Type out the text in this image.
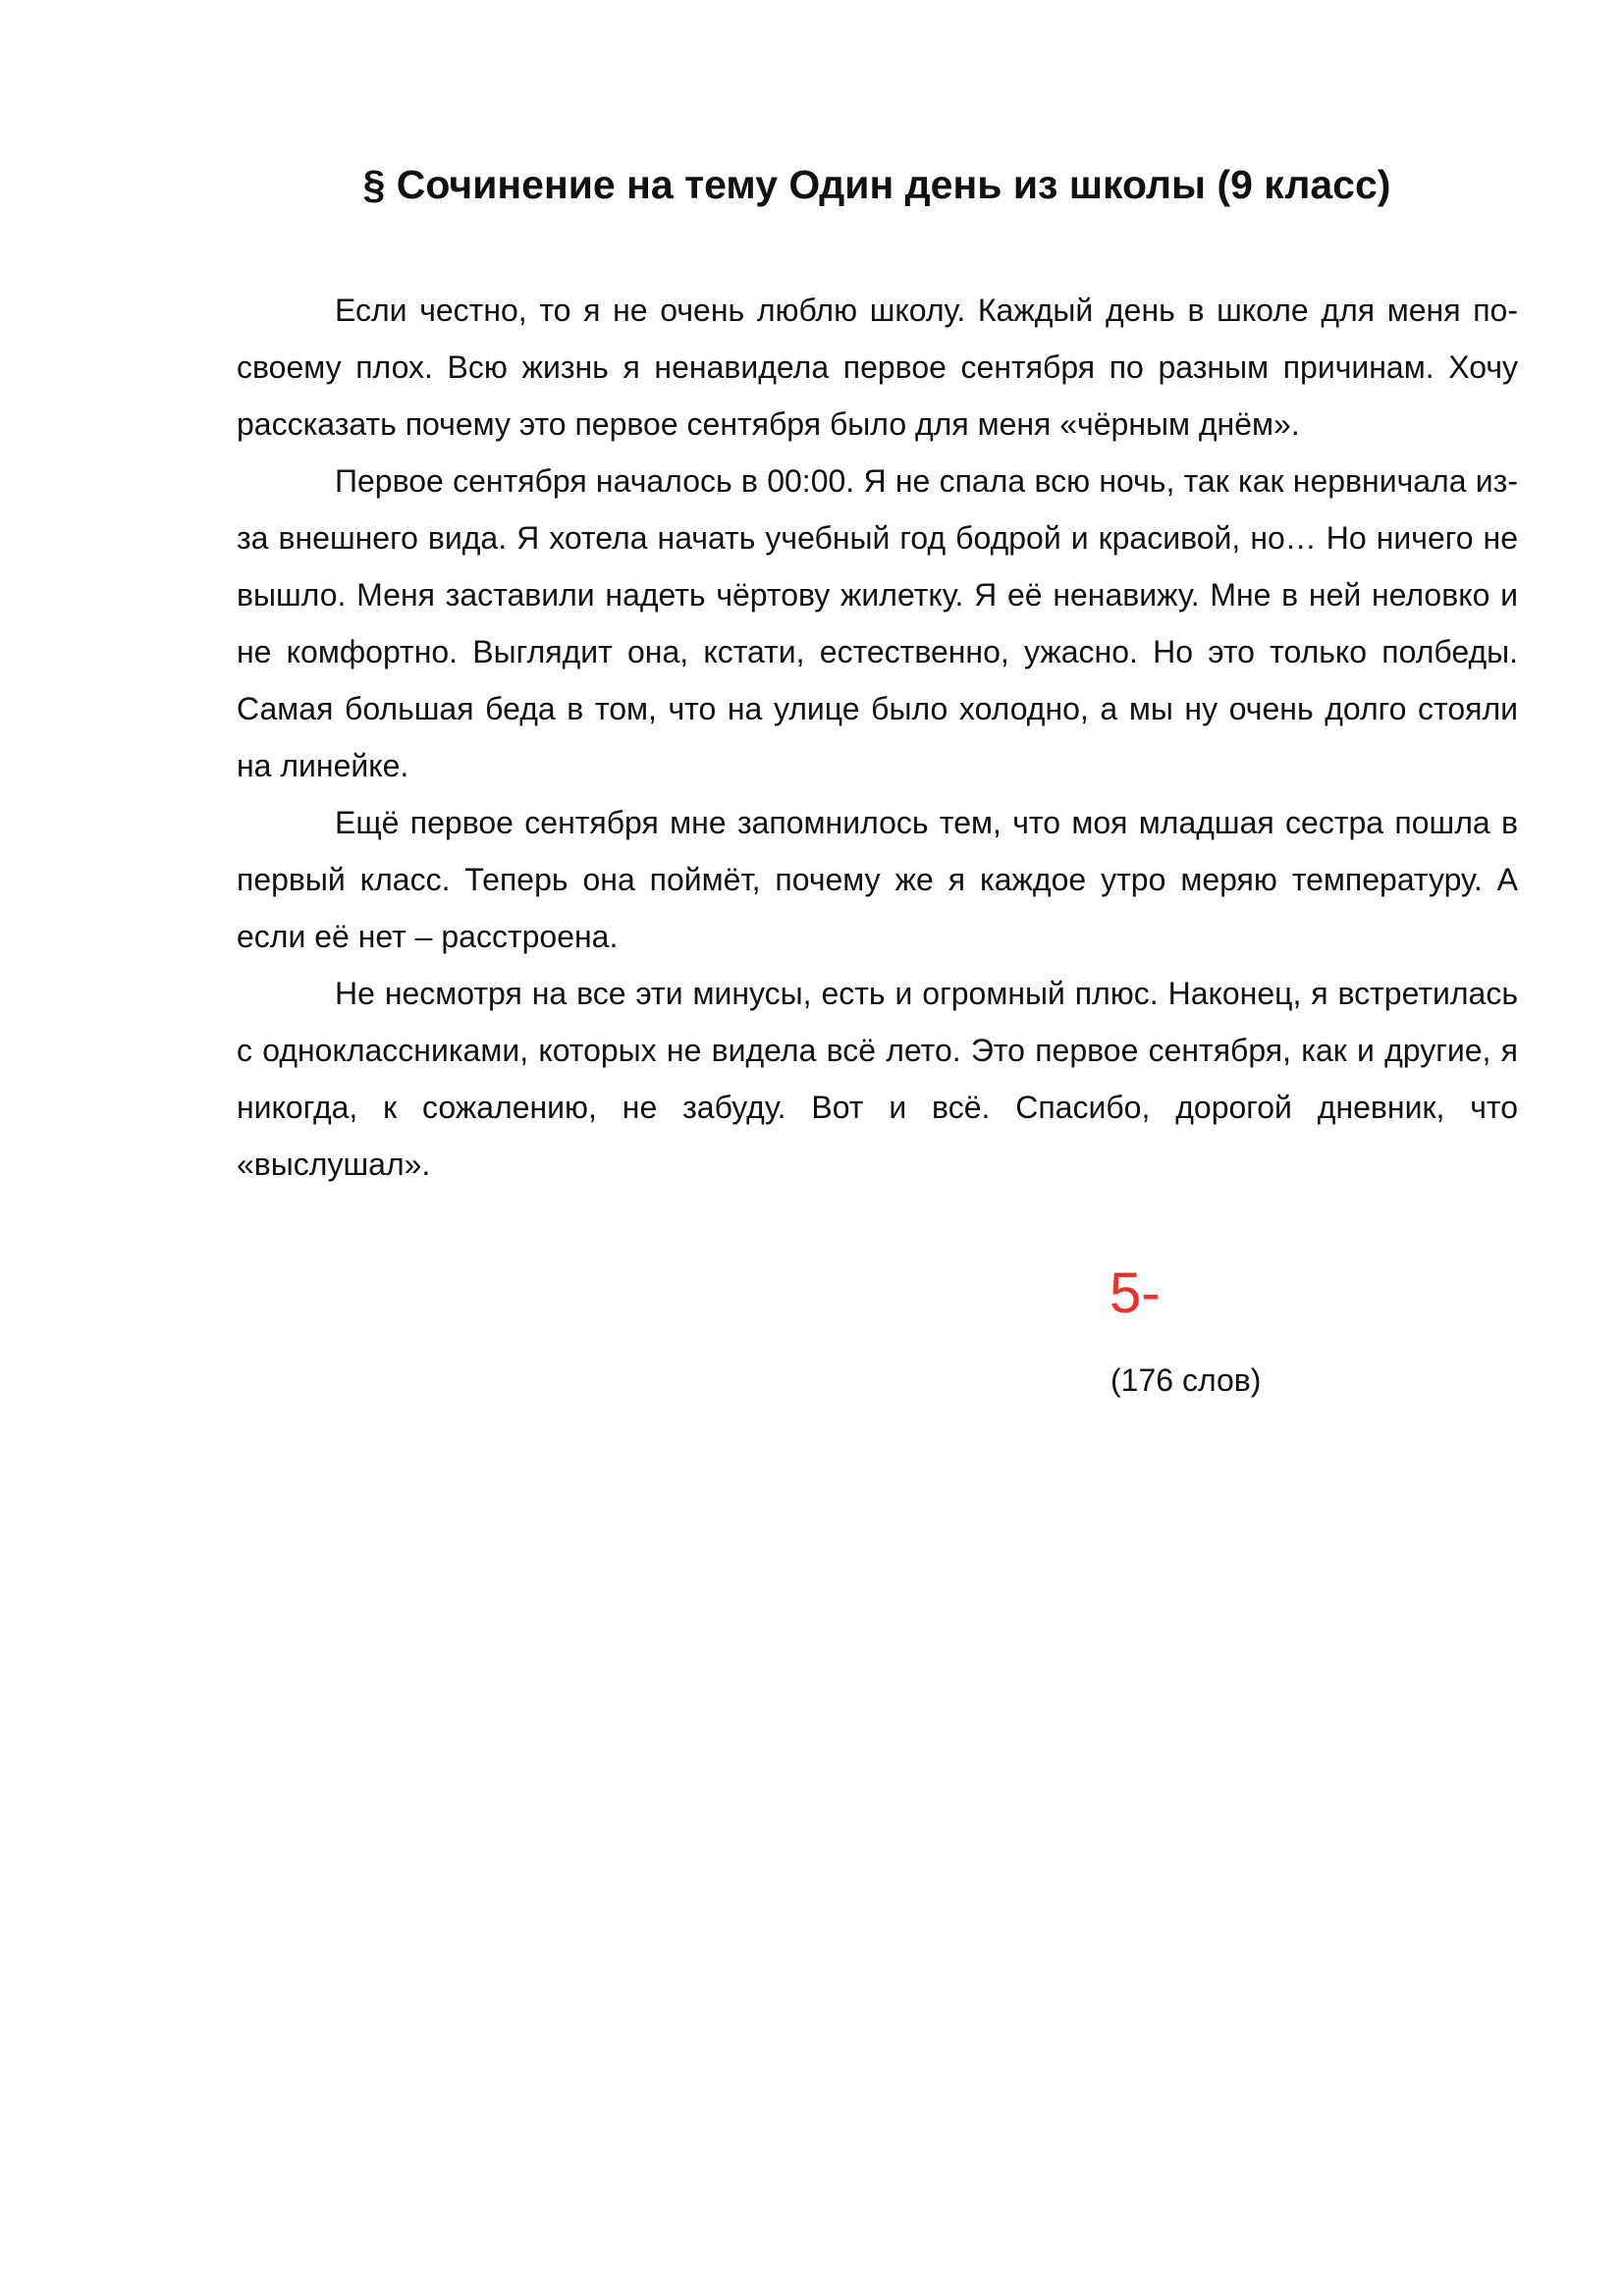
§ Сочинение на тему Один день из школы (9 класс)

Если честно, то я не очень люблю школу. Каждый день в школе для меня по-своему плох. Всю жизнь я ненавидела первое сентября по разным причинам. Хочу рассказать почему это первое сентября было для меня «чёрным днём».

Первое сентября началось в 00:00. Я не спала всю ночь, так как нервничала из-за внешнего вида. Я хотела начать учебный год бодрой и красивой, но… Но ничего не вышло. Меня заставили надеть чёртову жилетку. Я её ненавижу. Мне в ней неловко и не комфортно. Выглядит она, кстати, естественно, ужасно. Но это только полбеды. Самая большая беда в том, что на улице было холодно, а мы ну очень долго стояли на линейке.

Ещё первое сентября мне запомнилось тем, что моя младшая сестра пошла в первый класс. Теперь она поймёт, почему же я каждое утро меряю температуру. А если её нет – расстроена.

Не несмотря на все эти минусы, есть и огромный плюс. Наконец, я встретилась с одноклассниками, которых не видела всё лето. Это первое сентября, как и другие, я никогда, к сожалению, не забуду. Вот и всё. Спасибо, дорогой дневник, что «выслушал».

5-
(176 слов)
